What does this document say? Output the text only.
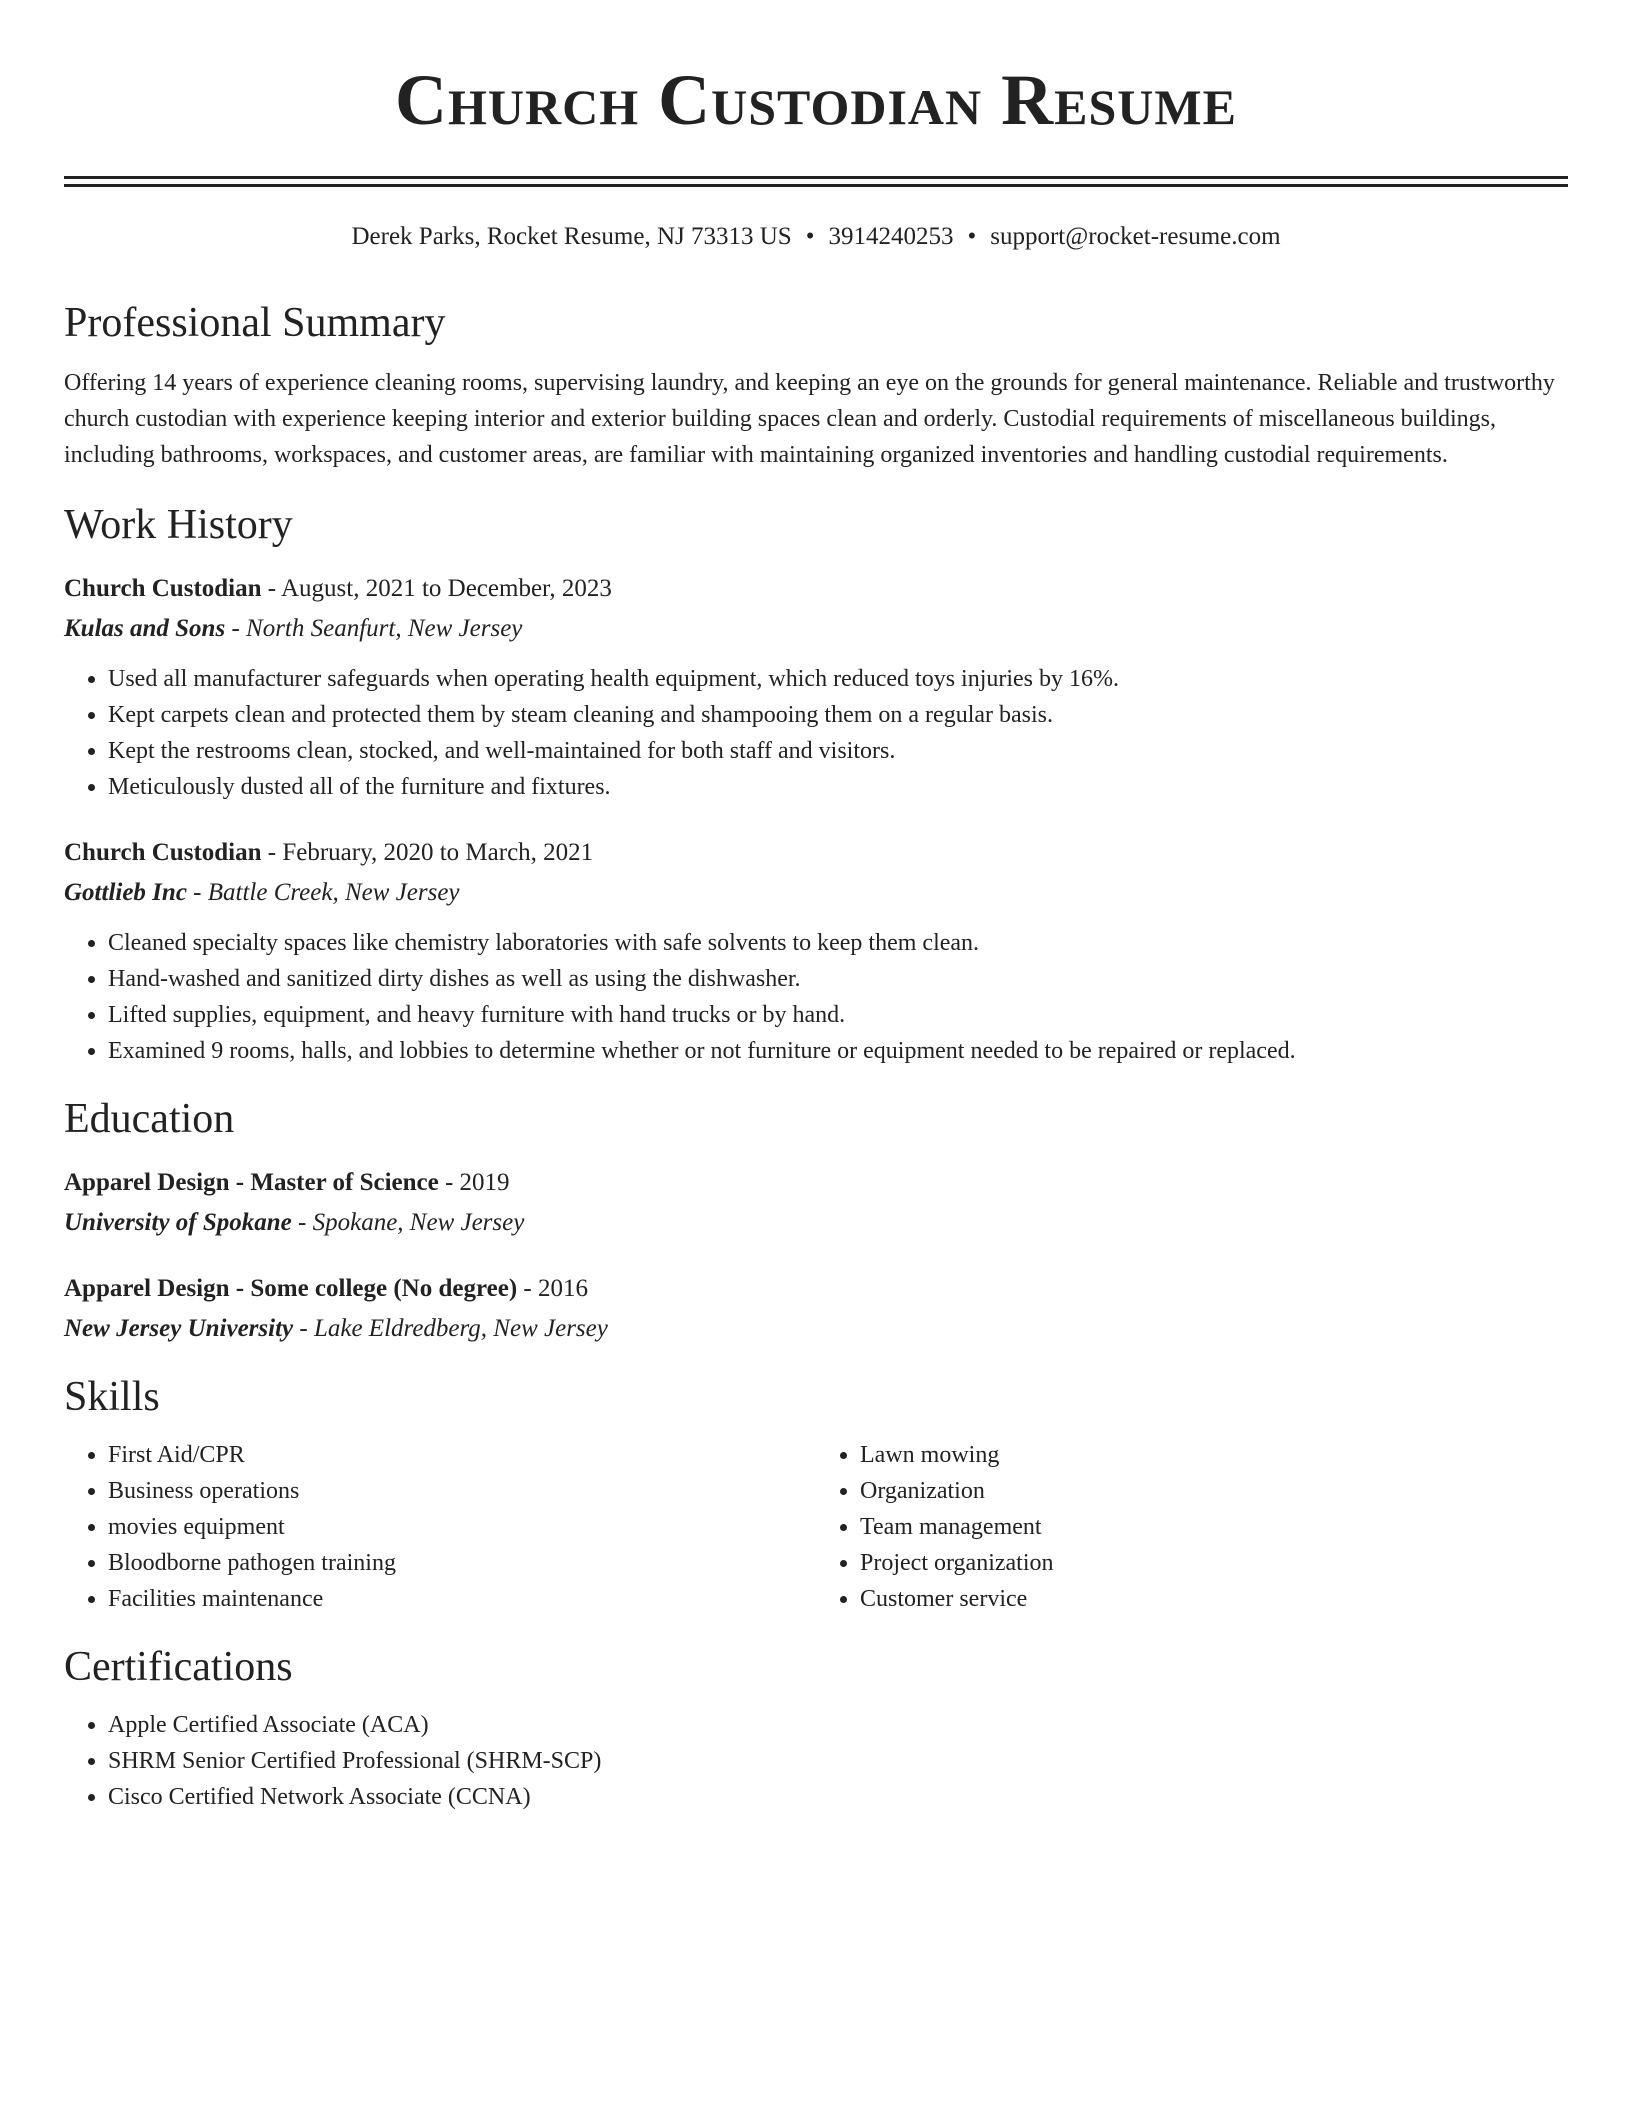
Church Custodian Resume
Derek Parks, Rocket Resume, NJ 73313 US • 3914240253 • support@rocket-resume.com
Professional Summary
Offering 14 years of experience cleaning rooms, supervising laundry, and keeping an eye on the grounds for general maintenance. Reliable and trustworthy church custodian with experience keeping interior and exterior building spaces clean and orderly. Custodial requirements of miscellaneous buildings, including bathrooms, workspaces, and customer areas, are familiar with maintaining organized inventories and handling custodial requirements.
Work History
Church Custodian - August, 2021 to December, 2023
Kulas and Sons - North Seanfurt, New Jersey
• Used all manufacturer safeguards when operating health equipment, which reduced toys injuries by 16%.
• Kept carpets clean and protected them by steam cleaning and shampooing them on a regular basis.
• Kept the restrooms clean, stocked, and well-maintained for both staff and visitors.
• Meticulously dusted all of the furniture and fixtures.
Church Custodian - February, 2020 to March, 2021
Gottlieb Inc - Battle Creek, New Jersey
• Cleaned specialty spaces like chemistry laboratories with safe solvents to keep them clean.
• Hand-washed and sanitized dirty dishes as well as using the dishwasher.
• Lifted supplies, equipment, and heavy furniture with hand trucks or by hand.
• Examined 9 rooms, halls, and lobbies to determine whether or not furniture or equipment needed to be repaired or replaced.
Education
Apparel Design - Master of Science - 2019
University of Spokane - Spokane, New Jersey
Apparel Design - Some college (No degree) - 2016
New Jersey University - Lake Eldredberg, New Jersey
Skills
• First Aid/CPR
• Business operations
• movies equipment
• Bloodborne pathogen training
• Facilities maintenance
• Lawn mowing
• Organization
• Team management
• Project organization
• Customer service
Certifications
• Apple Certified Associate (ACA)
• SHRM Senior Certified Professional (SHRM-SCP)
• Cisco Certified Network Associate (CCNA)
